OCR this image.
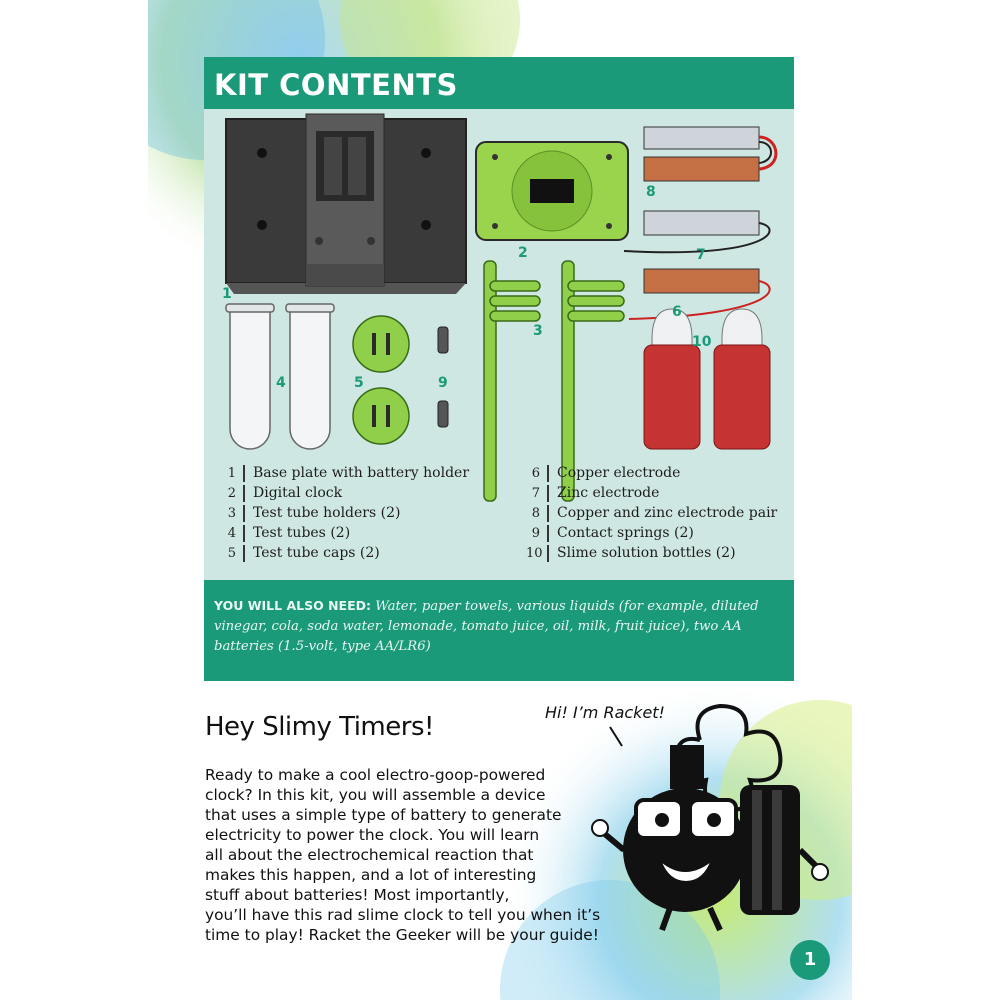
KIT CONTENTS
1
2
3
4	5
6
7
8
9
10
1 Base plate with battery holder
2 Digital clock
3 Test tube holders (2)
4 Test tubes (2)
5 Test tube caps (2)
6 Copper electrode
7 Zinc electrode
8 Copper and zinc electrode pair
9 Contact springs (2)
10 Slime solution bottles (2)
YOU WILL ALSO NEED: Water, paper towels, various liquids (for example, diluted vinegar, cola, soda water, lemonade, tomato juice, oil, milk, fruit juice), two AA batteries (1.5-volt, type AA/LR6)
Hey Slimy Timers!
Ready to make a cool electro-goop-powered
clock? In this kit, you will assemble a device
that uses a simple type of battery to generate
electricity to power the clock. You will learn
all about the electrochemical reaction that
makes this happen, and a lot of interesting
stuff about batteries! Most importantly,
you’ll have this rad slime clock to tell you when it’s
time to play! Racket the Geeker will be your guide!
Hi! I’m Racket!
1
